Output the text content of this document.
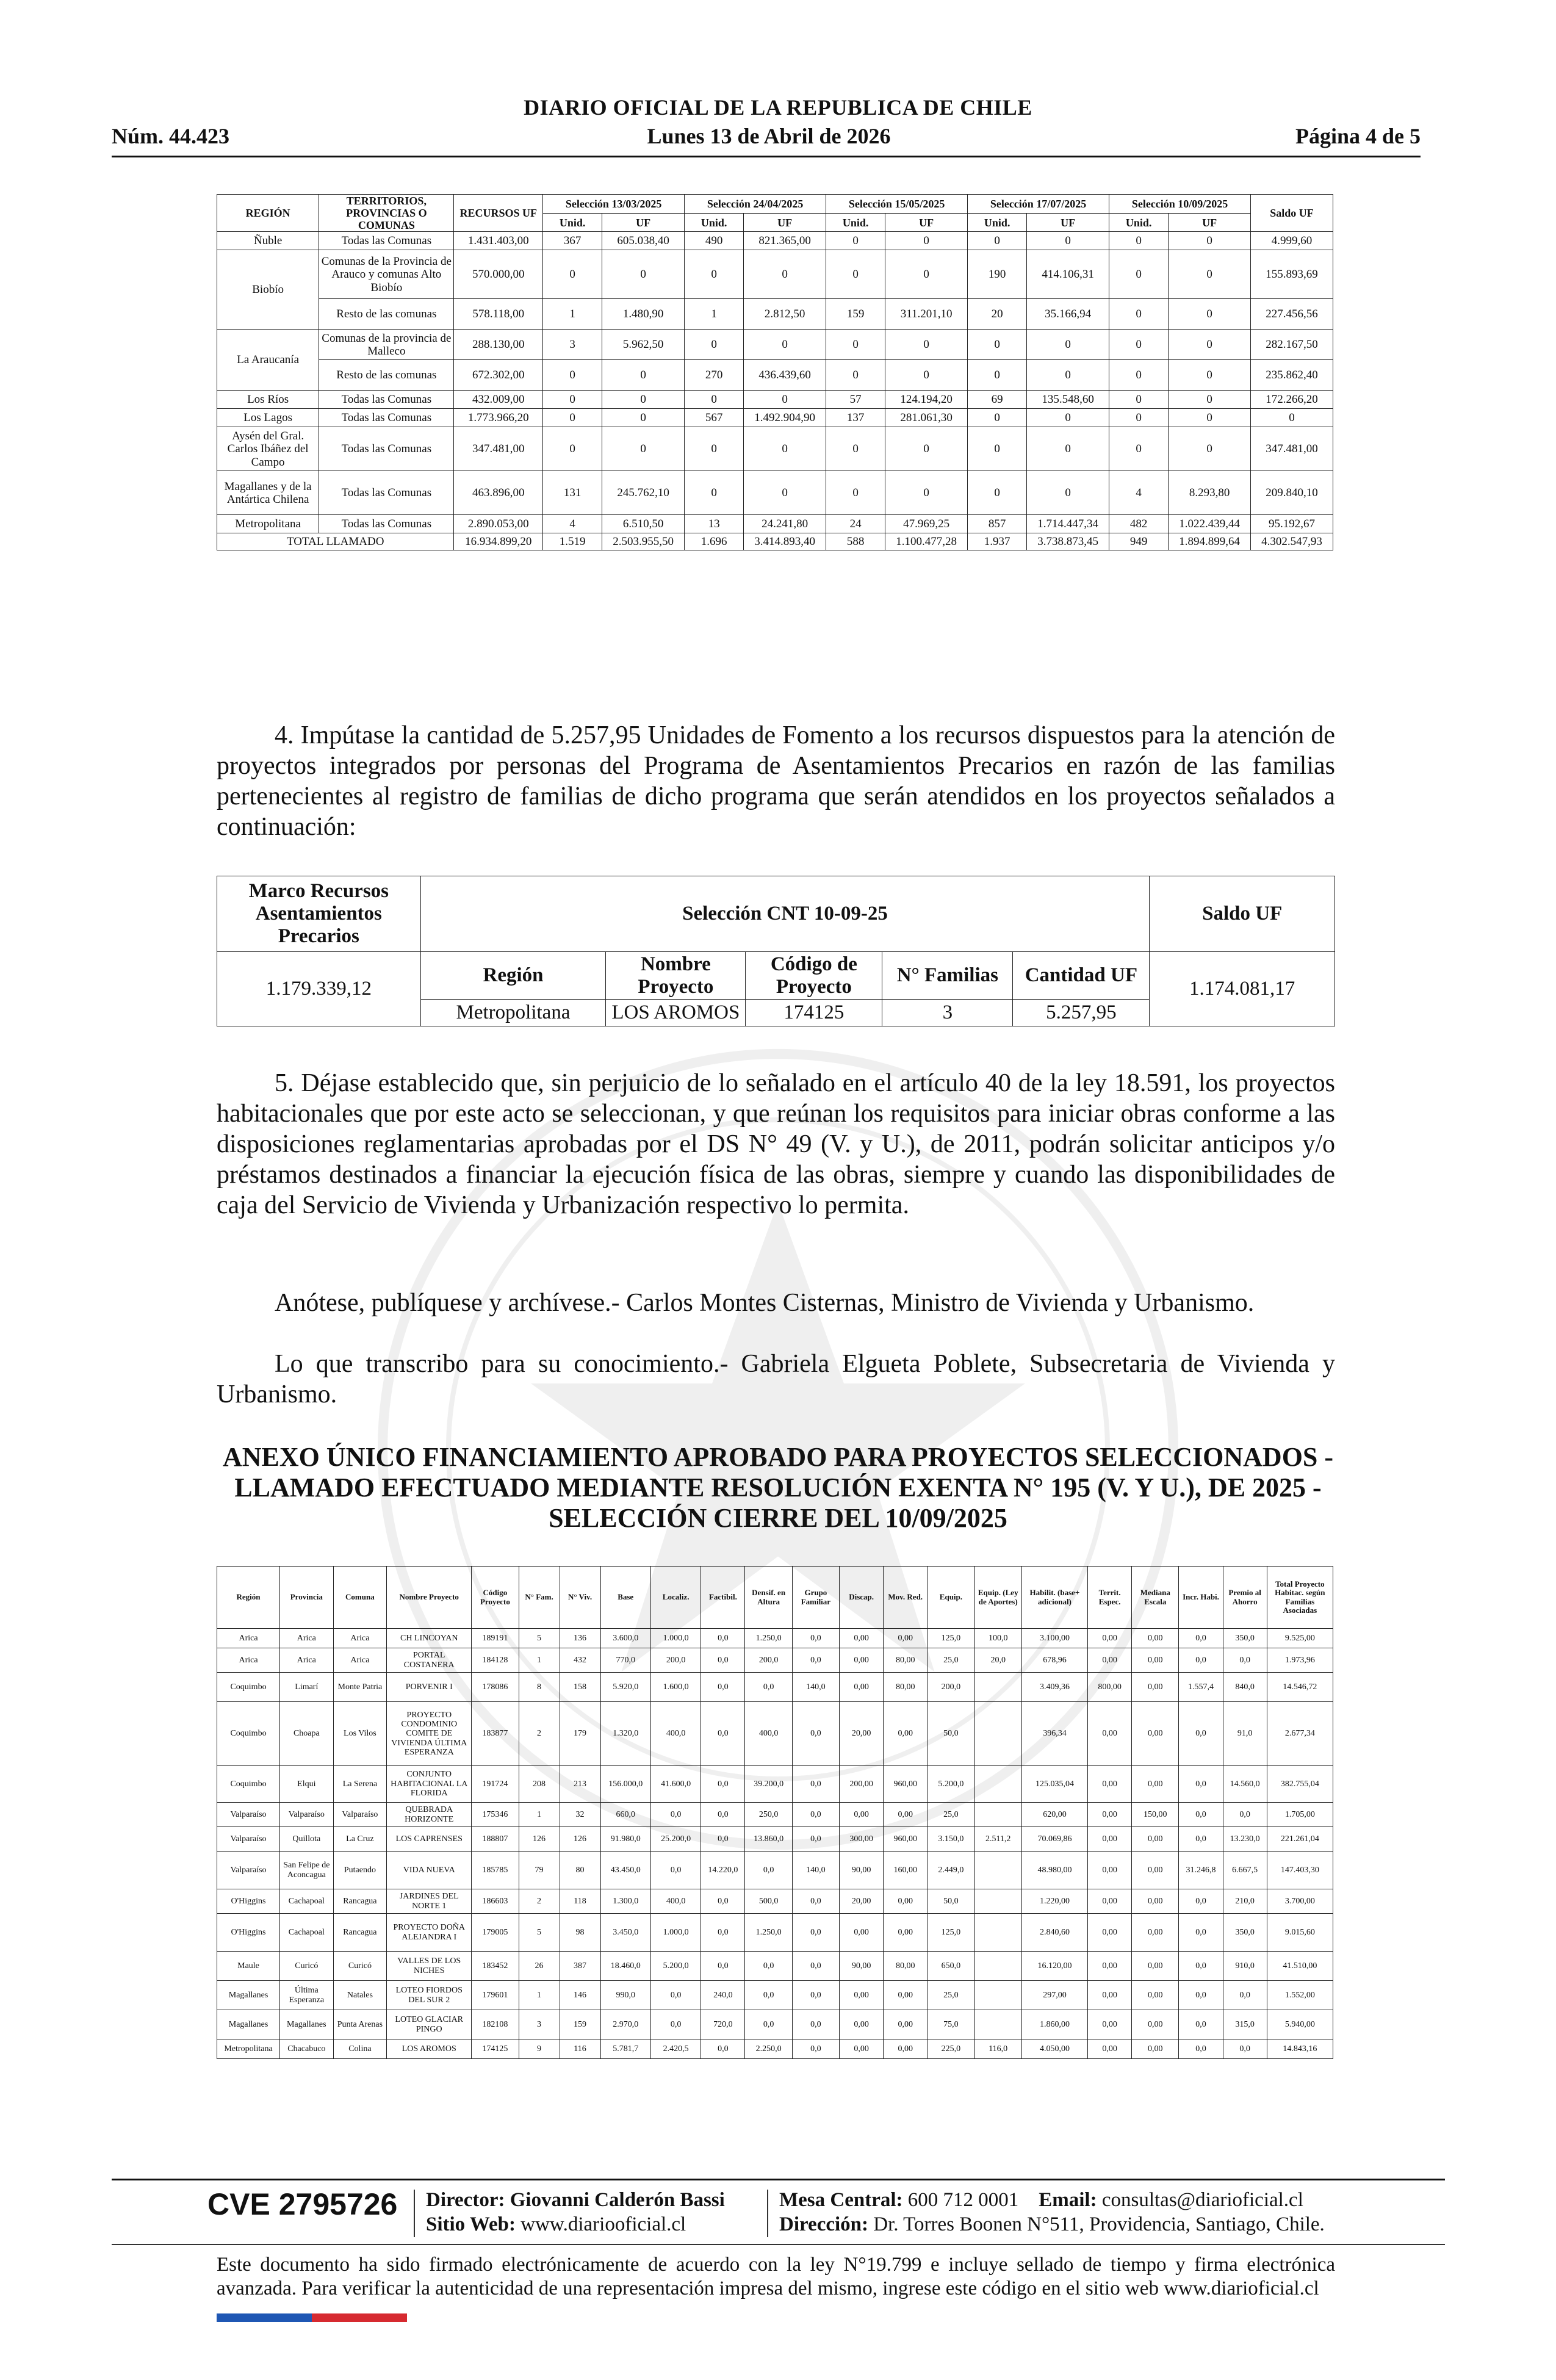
DIARIO OFICIAL DE LA REPUBLICA DE CHILE
Núm. 44.423	Lunes 13 de Abril de 2026	Página 4 de 5
REGIÓN	TERRITORIOS, PROVINCIAS O COMUNAS	RECURSOS UF	Selección 13/03/2025		Selección 24/04/2025		Selección 15/05/2025		Selección 17/07/2025		Selección 10/09/2025		Saldo UF
			Unid.	UF	Unid.	UF	Unid.	UF	Unid.	UF	Unid.	UF	
Ñuble	Todas las Comunas	1.431.403,00	367	605.038,40	490	821.365,00	0	0	0	0	0	0	4.999,60
Biobío	Comunas de la Provincia de Arauco y comunas Alto Biobío	570.000,00	0	0	0	0	0	0	190	414.106,31	0	0	155.893,69
	Resto de las comunas	578.118,00	1	1.480,90	1	2.812,50	159	311.201,10	20	35.166,94	0	0	227.456,56
La Araucanía	Comunas de la provincia de Malleco	288.130,00	3	5.962,50	0	0	0	0	0	0	0	0	282.167,50
	Resto de las comunas	672.302,00	0	0	270	436.439,60	0	0	0	0	0	0	235.862,40
Los Ríos	Todas las Comunas	432.009,00	0	0	0	0	57	124.194,20	69	135.548,60	0	0	172.266,20
Los Lagos	Todas las Comunas	1.773.966,20	0	0	567	1.492.904,90	137	281.061,30	0	0	0	0	0
Aysén del Gral. Carlos Ibáñez del Campo	Todas las Comunas	347.481,00	0	0	0	0	0	0	0	0	0	0	347.481,00
Magallanes y de la Antártica Chilena	Todas las Comunas	463.896,00	131	245.762,10	0	0	0	0	0	0	4	8.293,80	209.840,10
Metropolitana	Todas las Comunas	2.890.053,00	4	6.510,50	13	24.241,80	24	47.969,25	857	1.714.447,34	482	1.022.439,44	95.192,67
TOTAL LLAMADO		16.934.899,20	1.519	2.503.955,50	1.696	3.414.893,40	588	1.100.477,28	1.937	3.738.873,45	949	1.894.899,64	4.302.547,93
4. Impútase la cantidad de 5.257,95 Unidades de Fomento a los recursos dispuestos para la atención de proyectos integrados por personas del Programa de Asentamientos Precarios en razón de las familias pertenecientes al registro de familias de dicho programa que serán atendidos en los proyectos señalados a continuación:
Marco Recursos Asentamientos Precarios	Selección CNT 10-09-25					Saldo UF
1.179.339,12	Región	Nombre Proyecto	Código de Proyecto	N° Familias	Cantidad UF	1.174.081,17
	Metropolitana	LOS AROMOS	174125	3	5.257,95	
5. Déjase establecido que, sin perjuicio de lo señalado en el artículo 40 de la ley 18.591, los proyectos habitacionales que por este acto se seleccionan, y que reúnan los requisitos para iniciar obras conforme a las disposiciones reglamentarias aprobadas por el DS N° 49 (V. y U.), de 2011, podrán solicitar anticipos y/o préstamos destinados a financiar la ejecución física de las obras, siempre y cuando las disponibilidades de caja del Servicio de Vivienda y Urbanización respectivo lo permita.
Anótese, publíquese y archívese.- Carlos Montes Cisternas, Ministro de Vivienda y Urbanismo.
Lo que transcribo para su conocimiento.- Gabriela Elgueta Poblete, Subsecretaria de Vivienda y Urbanismo.
ANEXO ÚNICO FINANCIAMIENTO APROBADO PARA PROYECTOS SELECCIONADOS - LLAMADO EFECTUADO MEDIANTE RESOLUCIÓN EXENTA N° 195 (V. Y U.), DE 2025 - SELECCIÓN CIERRE DEL 10/09/2025
Región	Provincia	Comuna	Nombre Proyecto	Código Proyecto	N° Fam.	N° Viv.	Base	Localiz.	Factibil.	Densif. en Altura	Grupo Familiar	Discap.	Mov. Red.	Equip.	Equip. (Ley de Aportes)	Habilit. (base+ adicional)	Territ. Espec.	Mediana Escala	Incr. Habi.	Premio al Ahorro	Total Proyecto Habitac. según Familias Asociadas
Arica	Arica	Arica	CH LINCOYAN	189191	5	136	3.600,0	1.000,0	0,0	1.250,0	0,0	0,00	0,00	125,0	100,0	3.100,00	0,00	0,00	0,0	350,0	9.525,00
Arica	Arica	Arica	PORTAL COSTANERA	184128	1	432	770,0	200,0	0,0	200,0	0,0	0,00	80,00	25,0	20,0	678,96	0,00	0,00	0,0	0,0	1.973,96
Coquimbo	Limarí	Monte Patria	PORVENIR I	178086	8	158	5.920,0	1.600,0	0,0	0,0	140,0	0,00	80,00	200,0		3.409,36	800,00	0,00	1.557,4	840,0	14.546,72
Coquimbo	Choapa	Los Vilos	PROYECTO CONDOMINIO COMITE DE VIVIENDA ÚLTIMA ESPERANZA	183877	2	179	1.320,0	400,0	0,0	400,0	0,0	20,00	0,00	50,0		396,34	0,00	0,00	0,0	91,0	2.677,34
Coquimbo	Elqui	La Serena	CONJUNTO HABITACIONAL LA FLORIDA	191724	208	213	156.000,0	41.600,0	0,0	39.200,0	0,0	200,00	960,00	5.200,0		125.035,04	0,00	0,00	0,0	14.560,0	382.755,04
Valparaíso	Valparaíso	Valparaíso	QUEBRADA HORIZONTE	175346	1	32	660,0	0,0	0,0	250,0	0,0	0,00	0,00	25,0		620,00	0,00	150,00	0,0	0,0	1.705,00
Valparaíso	Quillota	La Cruz	LOS CAPRENSES	188807	126	126	91.980,0	25.200,0	0,0	13.860,0	0,0	300,00	960,00	3.150,0	2.511,2	70.069,86	0,00	0,00	0,0	13.230,0	221.261,04
Valparaíso	San Felipe de Aconcagua	Putaendo	VIDA NUEVA	185785	79	80	43.450,0	0,0	14.220,0	0,0	140,0	90,00	160,00	2.449,0		48.980,00	0,00	0,00	31.246,8	6.667,5	147.403,30
O'Higgins	Cachapoal	Rancagua	JARDINES DEL NORTE 1	186603	2	118	1.300,0	400,0	0,0	500,0	0,0	20,00	0,00	50,0		1.220,00	0,00	0,00	0,0	210,0	3.700,00
O'Higgins	Cachapoal	Rancagua	PROYECTO DOÑA ALEJANDRA I	179005	5	98	3.450,0	1.000,0	0,0	1.250,0	0,0	0,00	0,00	125,0		2.840,60	0,00	0,00	0,0	350,0	9.015,60
Maule	Curicó	Curicó	VALLES DE LOS NICHES	183452	26	387	18.460,0	5.200,0	0,0	0,0	0,0	90,00	80,00	650,0		16.120,00	0,00	0,00	0,0	910,0	41.510,00
Magallanes	Última Esperanza	Natales	LOTEO FIORDOS DEL SUR 2	179601	1	146	990,0	0,0	240,0	0,0	0,0	0,00	0,00	25,0		297,00	0,00	0,00	0,0	0,0	1.552,00
Magallanes	Magallanes	Punta Arenas	LOTEO GLACIAR PINGO	182108	3	159	2.970,0	0,0	720,0	0,0	0,0	0,00	0,00	75,0		1.860,00	0,00	0,00	0,0	315,0	5.940,00
Metropolitana	Chacabuco	Colina	LOS AROMOS	174125	9	116	5.781,7	2.420,5	0,0	2.250,0	0,0	0,00	0,00	225,0	116,0	4.050,00	0,00	0,00	0,0	0,0	14.843,16
CVE 2795726 Director: Giovanni Calderón Bassi
Sitio Web: www.diariooficial.cl
Mesa Central: 600 712 0001 Email: consultas@diarioficial.cl
Dirección: Dr. Torres Boonen N°511, Providencia, Santiago, Chile.
Este documento ha sido firmado electrónicamente de acuerdo con la ley N°19.799 e incluye sellado de tiempo y firma electrónica avanzada. Para verificar la autenticidad de una representación impresa del mismo, ingrese este código en el sitio web www.diarioficial.cl
